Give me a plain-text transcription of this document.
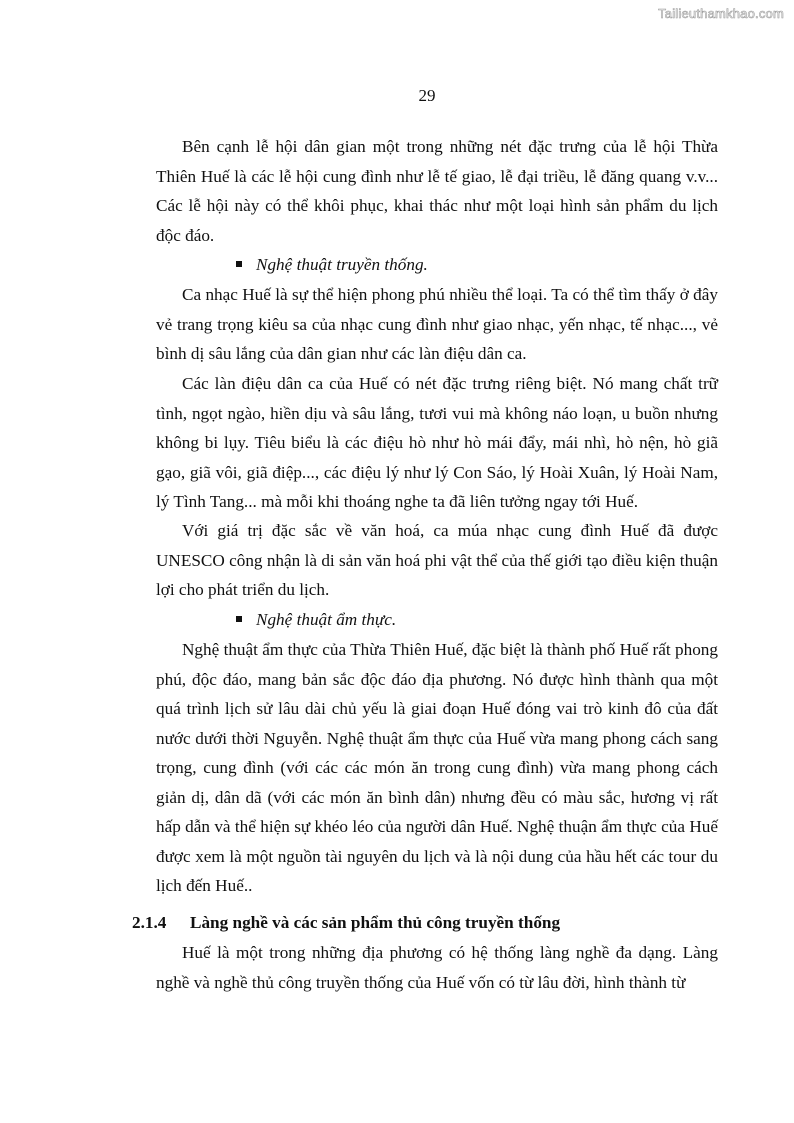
Tailieuthamkhao.com
29

Bên cạnh lễ hội dân gian một trong những nét đặc trưng của lễ hội Thừa Thiên Huế là các lễ hội cung đình như lễ tế giao, lễ đại triều, lễ đăng quang v.v... Các lễ hội này có thể khôi phục, khai thác như một loại hình sản phẩm du lịch độc đáo.

Nghệ thuật truyền thống.

Ca nhạc Huế là sự thể hiện phong phú nhiều thể loại. Ta có thể tìm thấy ở đây vẻ trang trọng kiêu sa của nhạc cung đình như giao nhạc, yến nhạc, tế nhạc..., vẻ bình dị sâu lắng của dân gian như các làn điệu dân ca.

Các làn điệu dân ca của Huế có nét đặc trưng riêng biệt. Nó mang chất trữ tình, ngọt ngào, hiền dịu và sâu lắng, tươi vui mà không náo loạn, u buồn nhưng không bi lụy. Tiêu biểu là các điệu hò như hò mái đẩy, mái nhì, hò nện, hò giã gạo, giã vôi, giã điệp..., các điệu lý như lý Con Sáo, lý Hoài Xuân, lý Hoài Nam, lý Tình Tang... mà mỗi khi thoáng nghe ta đã liên tưởng ngay tới Huế.

Với giá trị đặc sắc về văn hoá, ca múa nhạc cung đình Huế đã được UNESCO công nhận là di sản văn hoá phi vật thể của thế giới tạo điều kiện thuận lợi cho phát triển du lịch.

Nghệ thuật ẩm thực.

Nghệ thuật ẩm thực của Thừa Thiên Huế, đặc biệt là thành phố Huế rất phong phú, độc đáo, mang bản sắc độc đáo địa phương. Nó được hình thành qua một quá trình lịch sử lâu dài chủ yếu là giai đoạn Huế đóng vai trò kinh đô của đất nước dưới thời Nguyễn. Nghệ thuật ẩm thực của Huế vừa mang phong cách sang trọng, cung đình (với các các món ăn trong cung đình) vừa mang phong cách giản dị, dân dã (với các món ăn bình dân) nhưng đều có màu sắc, hương vị rất hấp dẫn và thể hiện sự khéo léo của người dân Huế. Nghệ thuận ẩm thực của Huế được xem là một nguồn tài nguyên du lịch và là nội dung của hầu hết các tour du lịch đến Huế..

2.1.4 Làng nghề và các sản phẩm thủ công truyền thống

Huế là một trong những địa phương có hệ thống làng nghề đa dạng. Làng nghề và nghề thủ công truyền thống của Huế vốn có từ lâu đời, hình thành từ
